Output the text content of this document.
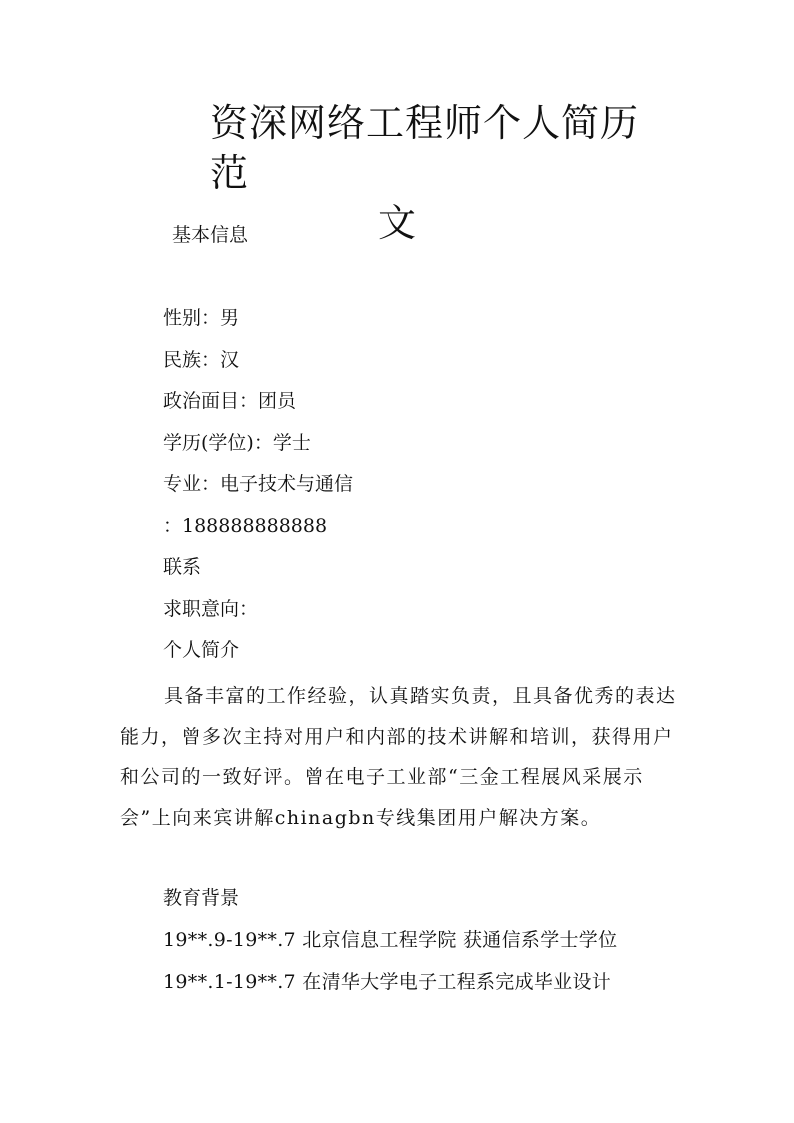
资深网络工程师个人简历范
文
基本信息
性别：男
民族：汉
政治面目：团员
学历(学位)：学士
专业：电子技术与通信
：188888888888
联系
求职意向：
个人简介

具备丰富的工作经验，认真踏实负责，且具备优秀的表达能力，曾多次主持对用户和内部的技术讲解和培训，获得用户和公司的一致好评。曾在电子工业部“三金工程展风采展示会”上向来宾讲解chinagbn专线集团用户解决方案。

教育背景
19**.9-19**.7 北京信息工程学院 获通信系学士学位
19**.1-19**.7 在清华大学电子工程系完成毕业设计
